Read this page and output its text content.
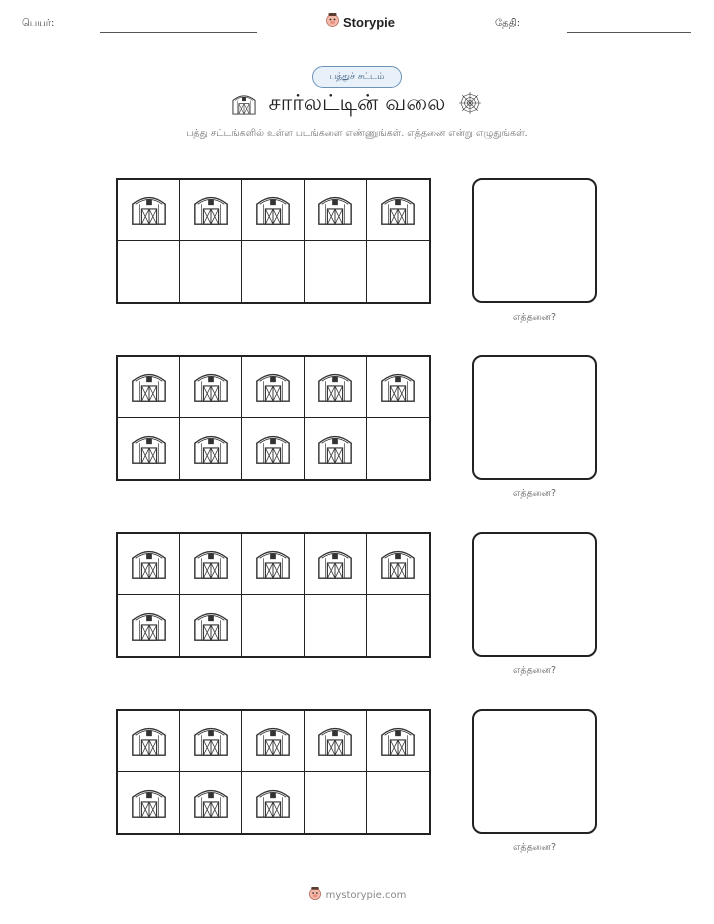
பெயர்:	Storypie	தேதி:
பத்துச் சட்டம்
சார்லட்டின் வலை
பத்து சட்டங்களில் உள்ள படங்களை எண்ணுங்கள். எத்தனை என்று எழுதுங்கள்.
எத்தனை?
எத்தனை?
எத்தனை?
எத்தனை?
mystorypie.com
